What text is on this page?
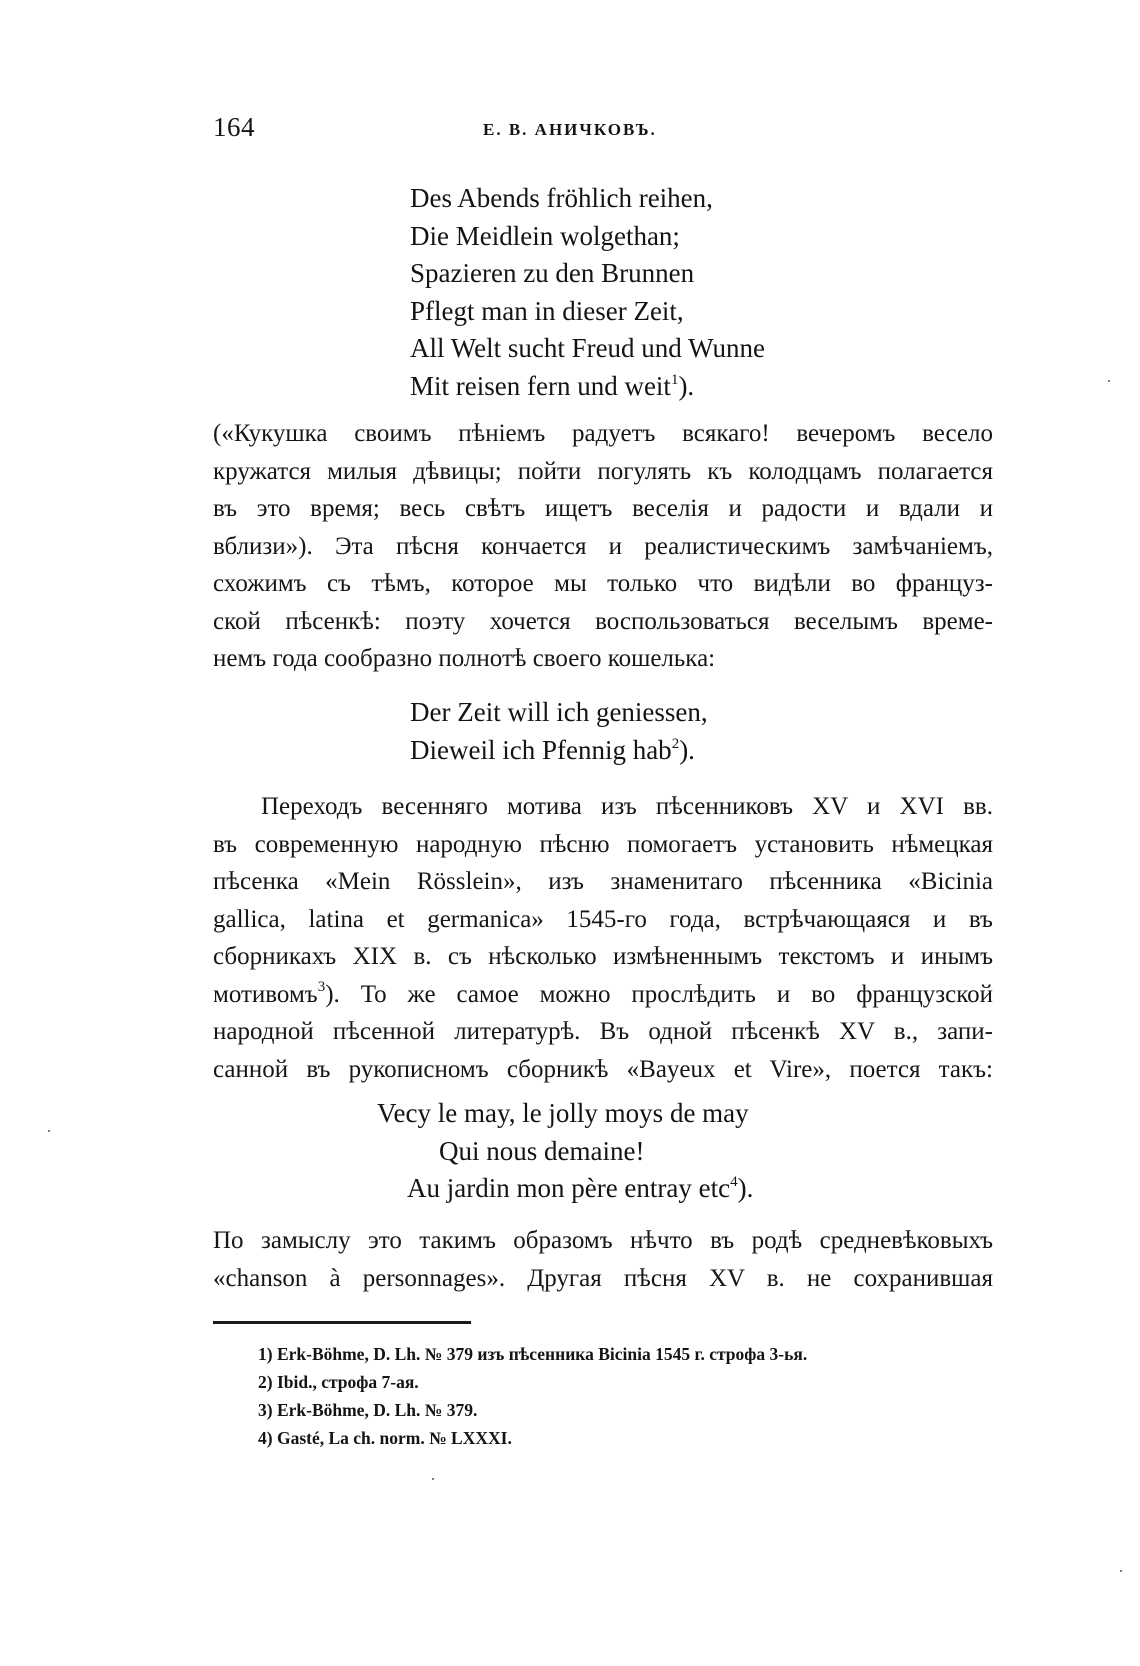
164	Е. В. АНИЧКОВЪ.
Des Abends fröhlich reihen,
Die Meidlein wolgethan;
Spazieren zu den Brunnen
Pflegt man in dieser Zeit,
All Welt sucht Freud und Wunne
Mit reisen fern und weit$^1$).
(«Кукушка своимъ пѣніемъ радуетъ всякаго! вечеромъ весело
кружатся милыя дѣвицы; пойти погулять къ колодцамъ полагается
въ это время; весь свѣтъ ищетъ веселія и радости и вдали и
вблизи»). Эта пѣсня кончается и реалистическимъ замѣчаніемъ,
схожимъ съ тѣмъ, которое мы только что видѣли во француз-
ской пѣсенкѣ: поэту хочется воспользоваться веселымъ време-
немъ года сообразно полнотѣ своего кошелька:
Der Zeit will ich geniessen,
Dieweil ich Pfennig hab$^2$).
Переходъ весенняго мотива изъ пѣсенниковъ XV и XVI вв.
въ современную народную пѣсню помогаетъ установить нѣмецкая
пѣсенка «Mein Rösslein», изъ знаменитаго пѣсенника «Bicinia
gallica, latina et germanica» 1545-го года, встрѣчающаяся и въ
сборникахъ XIX в. съ нѣсколько измѣненнымъ текстомъ и инымъ
мотивомъ$^3$). То же самое можно прослѣдить и во французской
народной пѣсенной литературѣ. Въ одной пѣсенкѣ XV в., запи-
санной въ рукописномъ сборникѣ «Bayeux et Vire», поется такъ:
Vecy le may, le jolly moys de may
Qui nous demaine!
Au jardin mon père entray etc$^4$).
По замыслу это такимъ образомъ нѣчто въ родѣ средневѣковыхъ
«chanson à personnages». Другая пѣсня XV в. не сохранившая
1) Erk-Böhme, D. Lh. № 379 изъ пѣсенника Bicinia 1545 г. строфа 3-ья.
2) Ibid., строфа 7-ая.
3) Erk-Böhme, D. Lh. № 379.
4) Gasté, La ch. norm. № LXXXI.
